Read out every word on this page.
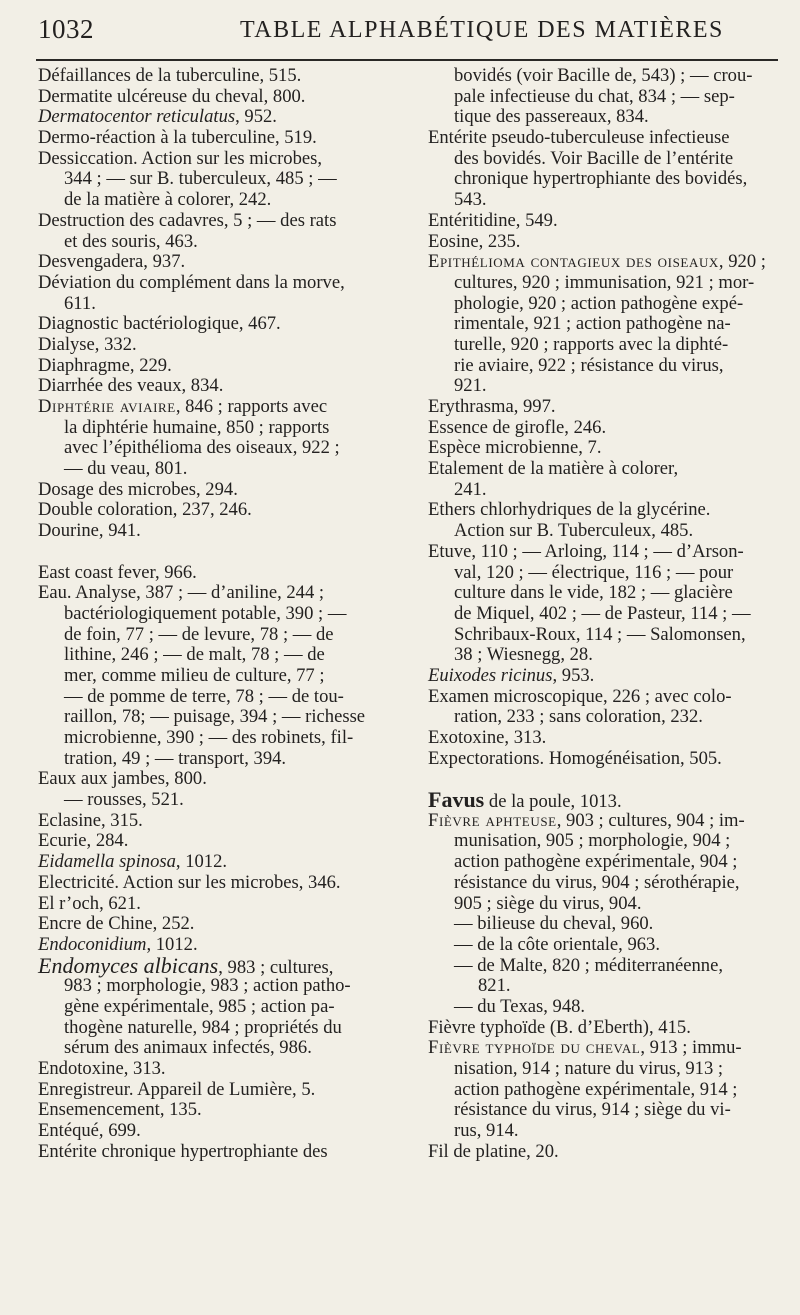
1032	TABLE ALPHABÉTIQUE DES MATIÈRES
Défaillances de la tuberculine, 515.
Dermatite ulcéreuse du cheval, 800.
Dermatocentor reticulatus, 952.
Dermo-réaction à la tuberculine, 519.
Dessiccation. Action sur les microbes,
344 ; — sur B. tuberculeux, 485 ; —
de la matière à colorer, 242.
Destruction des cadavres, 5 ; — des rats
et des souris, 463.
Desvengadera, 937.
Déviation du complément dans la morve,
611.
Diagnostic bactériologique, 467.
Dialyse, 332.
Diaphragme, 229.
Diarrhée des veaux, 834.
Diphtérie aviaire, 846 ; rapports avec
la diphtérie humaine, 850 ; rapports
avec l’épithélioma des oiseaux, 922 ;
— du veau, 801.
Dosage des microbes, 294.
Double coloration, 237, 246.
Dourine, 941.
East coast fever, 966.
Eau. Analyse, 387 ; — d’aniline, 244 ;
bactériologiquement potable, 390 ; —
de foin, 77 ; — de levure, 78 ; — de
lithine, 246 ; — de malt, 78 ; — de
mer, comme milieu de culture, 77 ;
— de pomme de terre, 78 ; — de tou-
raillon, 78; — puisage, 394 ; — richesse
microbienne, 390 ; — des robinets, fil-
tration, 49 ; — transport, 394.
Eaux aux jambes, 800.
— rousses, 521.
Eclasine, 315.
Ecurie, 284.
Eidamella spinosa, 1012.
Electricité. Action sur les microbes, 346.
El r’och, 621.
Encre de Chine, 252.
Endoconidium, 1012.
Endomyces albicans, 983 ; cultures,
983 ; morphologie, 983 ; action patho-
gène expérimentale, 985 ; action pa-
thogène naturelle, 984 ; propriétés du
sérum des animaux infectés, 986.
Endotoxine, 313.
Enregistreur. Appareil de Lumière, 5.
Ensemencement, 135.
Entéqué, 699.
Entérite chronique hypertrophiante des
bovidés (voir Bacille de, 543) ; — crou-
pale infectieuse du chat, 834 ; — sep-
tique des passereaux, 834.
Entérite pseudo-tuberculeuse infectieuse
des bovidés. Voir Bacille de l’entérite
chronique hypertrophiante des bovidés,
543.
Entéritidine, 549.
Eosine, 235.
Epithélioma contagieux des oiseaux, 920 ;
cultures, 920 ; immunisation, 921 ; mor-
phologie, 920 ; action pathogène expé-
rimentale, 921 ; action pathogène na-
turelle, 920 ; rapports avec la diphté-
rie aviaire, 922 ; résistance du virus,
921.
Erythrasma, 997.
Essence de girofle, 246.
Espèce microbienne, 7.
Etalement de la matière à colorer,
241.
Ethers chlorhydriques de la glycérine.
Action sur B. Tuberculeux, 485.
Etuve, 110 ; — Arloing, 114 ; — d’Arson-
val, 120 ; — électrique, 116 ; — pour
culture dans le vide, 182 ; — glacière
de Miquel, 402 ; — de Pasteur, 114 ; —
Schribaux-Roux, 114 ; — Salomonsen,
38 ; Wiesnegg, 28.
Euixodes ricinus, 953.
Examen microscopique, 226 ; avec colo-
ration, 233 ; sans coloration, 232.
Exotoxine, 313.
Expectorations. Homogénéisation, 505.
Favus de la poule, 1013.
Fièvre aphteuse, 903 ; cultures, 904 ; im-
munisation, 905 ; morphologie, 904 ;
action pathogène expérimentale, 904 ;
résistance du virus, 904 ; sérothérapie,
905 ; siège du virus, 904.
— bilieuse du cheval, 960.
— de la côte orientale, 963.
— de Malte, 820 ; méditerranéenne,
821.
— du Texas, 948.
Fièvre typhoïde (B. d’Eberth), 415.
Fièvre typhoïde du cheval, 913 ; immu-
nisation, 914 ; nature du virus, 913 ;
action pathogène expérimentale, 914 ;
résistance du virus, 914 ; siège du vi-
rus, 914.
Fil de platine, 20.
